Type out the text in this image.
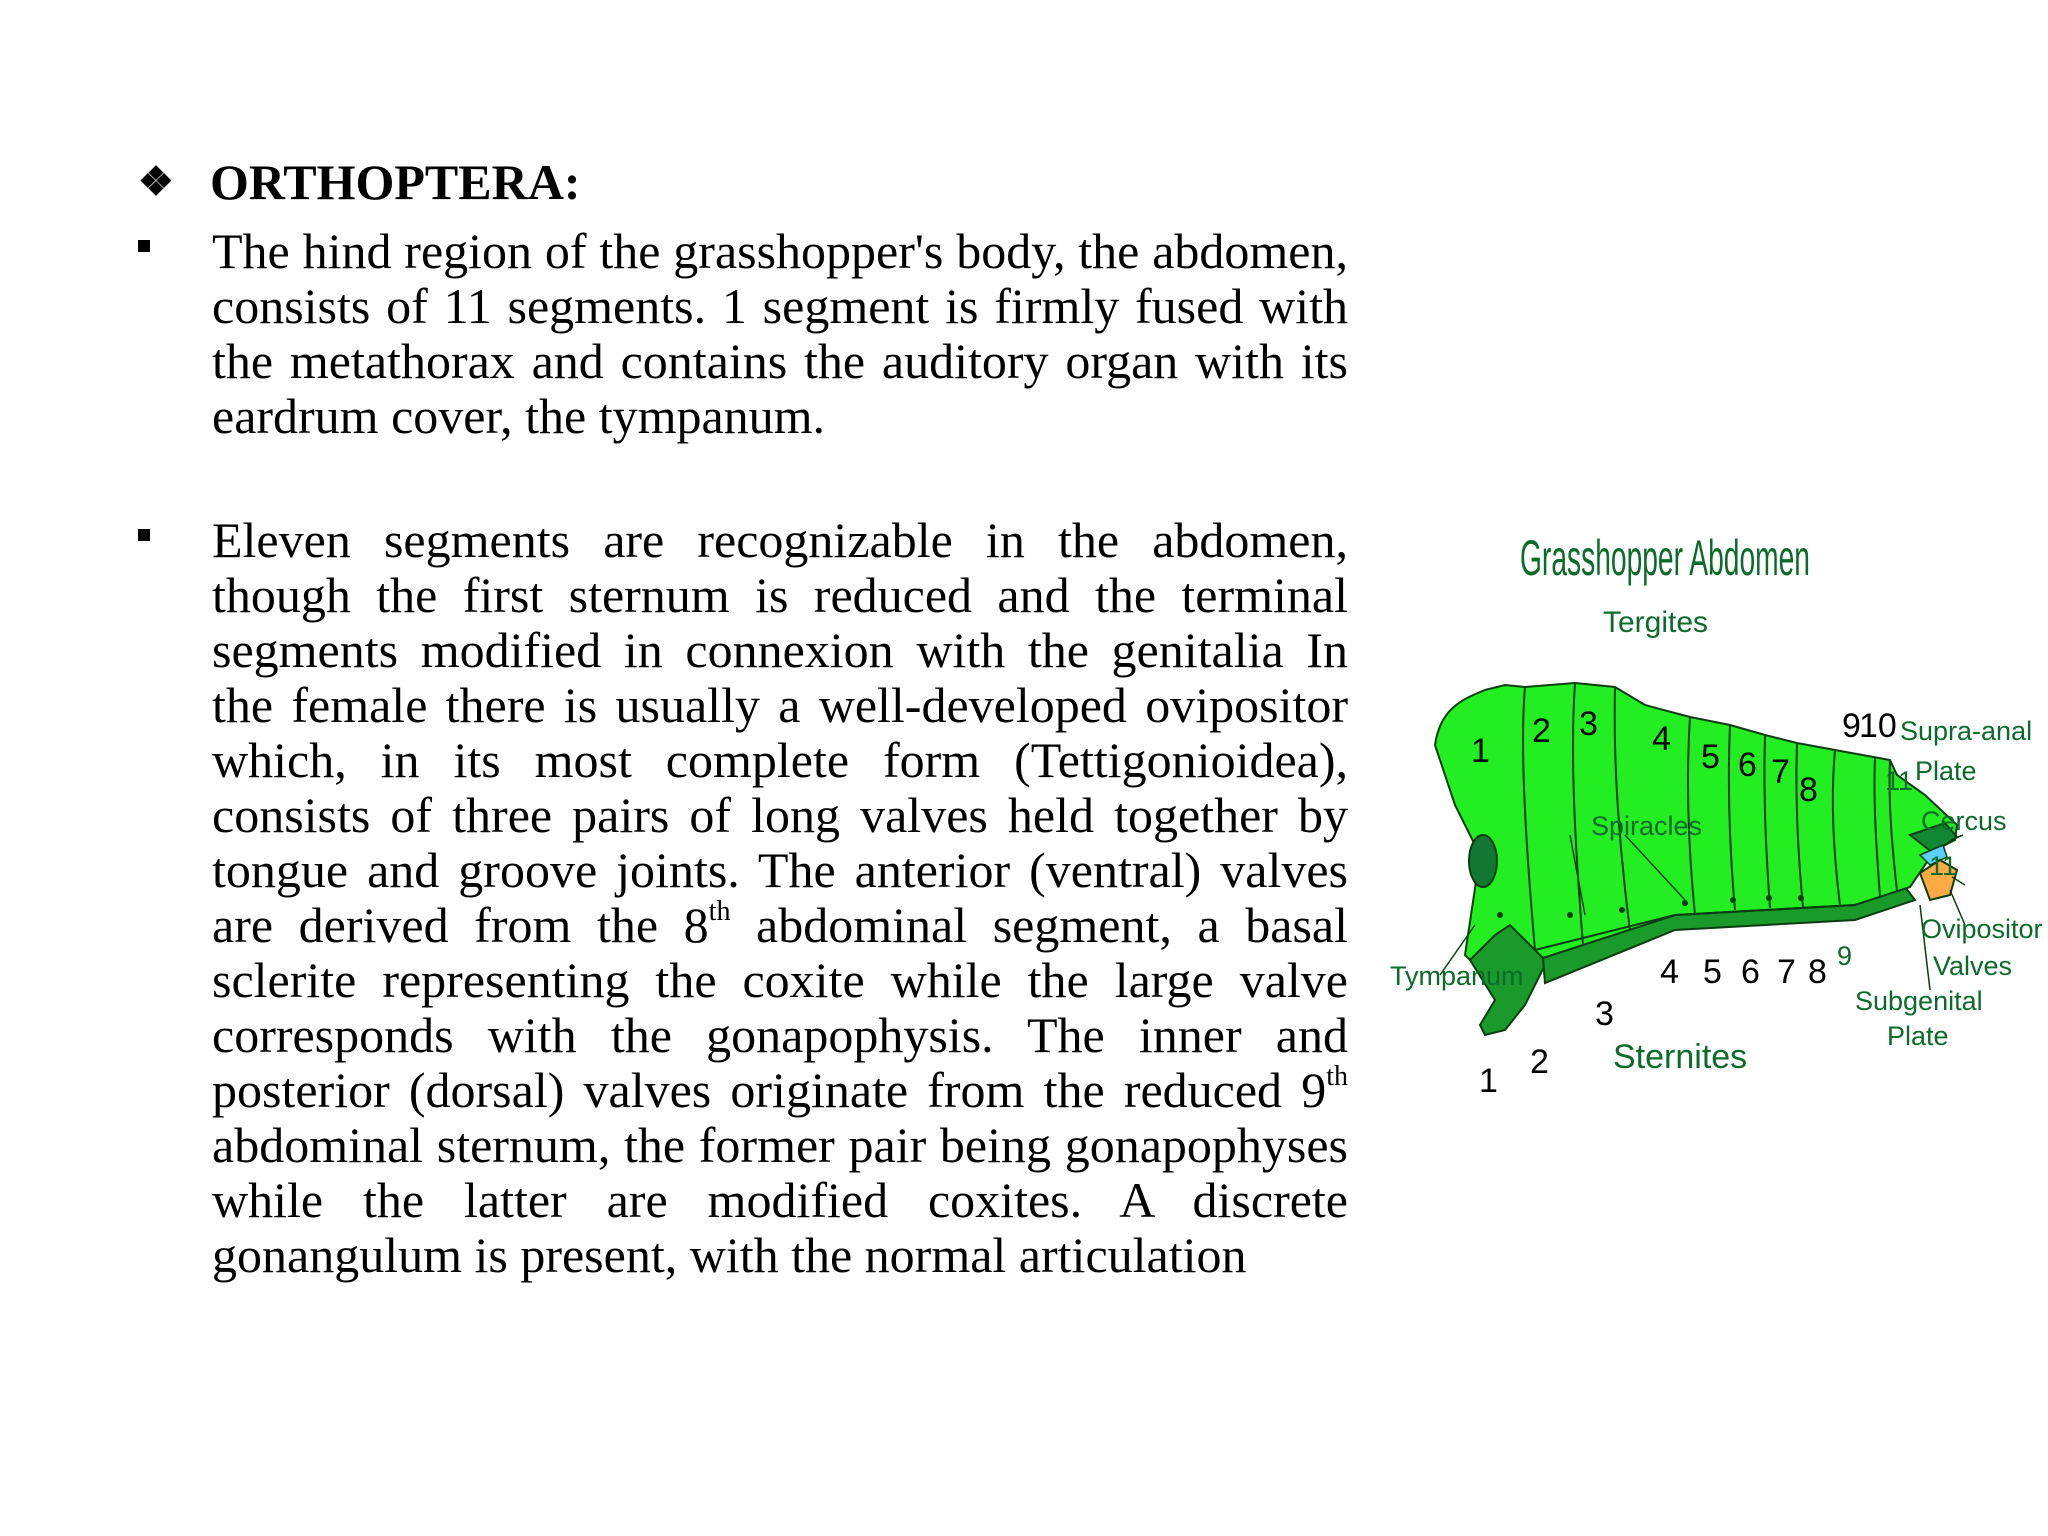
❖ ORTHOPTERA:
The hind region of the grasshopper's body, the abdomen, consists of 11 segments. 1 segment is firmly fused with the metathorax and contains the auditory organ with its eardrum cover, the tympanum.
Eleven segments are recognizable in the abdomen, though the first sternum is reduced and the terminal segments modified in connexion with the genitalia In the female there is usually a well-developed ovipositor which, in its most complete form (Tettigonioidea), consists of three pairs of long valves held together by tongue and groove joints. The anterior (ventral) valves are derived from the 8th abdominal segment, a basal sclerite representing the coxite while the large valve corresponds with the gonapophysis. The inner and posterior (dorsal) valves originate from the reduced 9th abdominal sternum, the former pair being gonapophyses while the latter are modified coxites. A discrete gonangulum is present, with the normal articulation
Grasshopper Abdomen
Tergites
1
2 3 4 5 6 7 8
9
10
11
Supra-anal
Plate
Cercus
11
Ovipositor
Valves
Subgenital
Plate
Spiracles
Tympanum
Sternites
1 2
3
4 5 6 7 8 9
